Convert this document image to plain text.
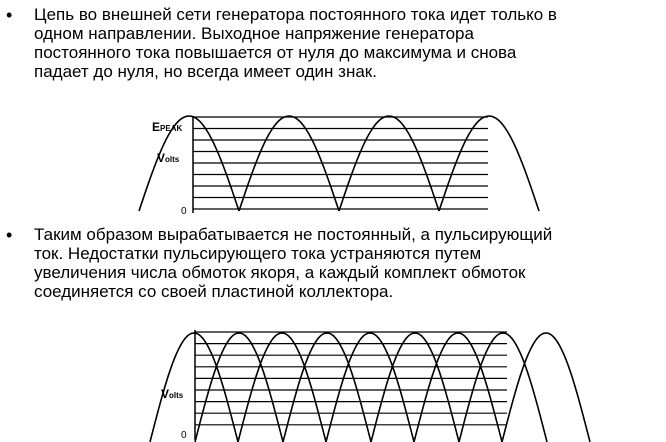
• Цепь во внешней сети генератора постоянного тока идет только в
одном направлении. Выходное напряжение генератора
постоянного тока повышается от нуля до максимума и снова
падает до нуля, но всегда имеет один знак.
• Таким образом вырабатывается не постоянный, а пульсирующий
ток. Недостатки пульсирующего тока устраняются путем
увеличения числа обмоток якоря, а каждый комплект обмоток
соединяется со своей пластиной коллектора.
EPEAK
Volts
0
Volts
0
